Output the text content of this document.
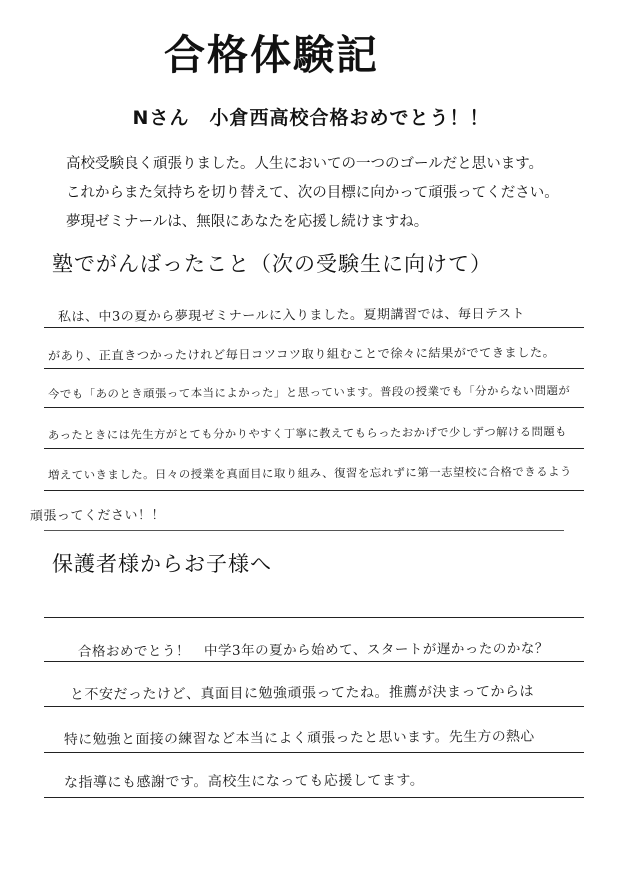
合格体験記
Nさん　小倉西高校合格おめでとう！！
高校受験良く頑張りました。人生においての一つのゴールだと思います。
これからまた気持ちを切り替えて、次の目標に向かって頑張ってください。
夢現ゼミナールは、無限にあなたを応援し続けますね。
塾でがんばったこと（次の受験生に向けて）
私は、中3の夏から夢現ゼミナールに入りました。夏期講習では、毎日テスト
があり、正直きつかったけれど毎日コツコツ取り組むことで徐々に結果がでてきました。
今でも「あのとき頑張って本当によかった」と思っています。普段の授業でも「分からない問題が
あったときには先生方がとても分かりやすく丁寧に教えてもらったおかげで少しずつ解ける問題も
増えていきました。日々の授業を真面目に取り組み、復習を忘れずに第一志望校に合格できるよう
頑張ってください！！
保護者様からお子様へ
合格おめでとう！　中学3年の夏から始めて、スタートが遅かったのかな？
と不安だったけど、真面目に勉強頑張ってたね。推薦が決まってからは
特に勉強と面接の練習など本当によく頑張ったと思います。先生方の熱心
な指導にも感謝です。高校生になっても応援してます。
